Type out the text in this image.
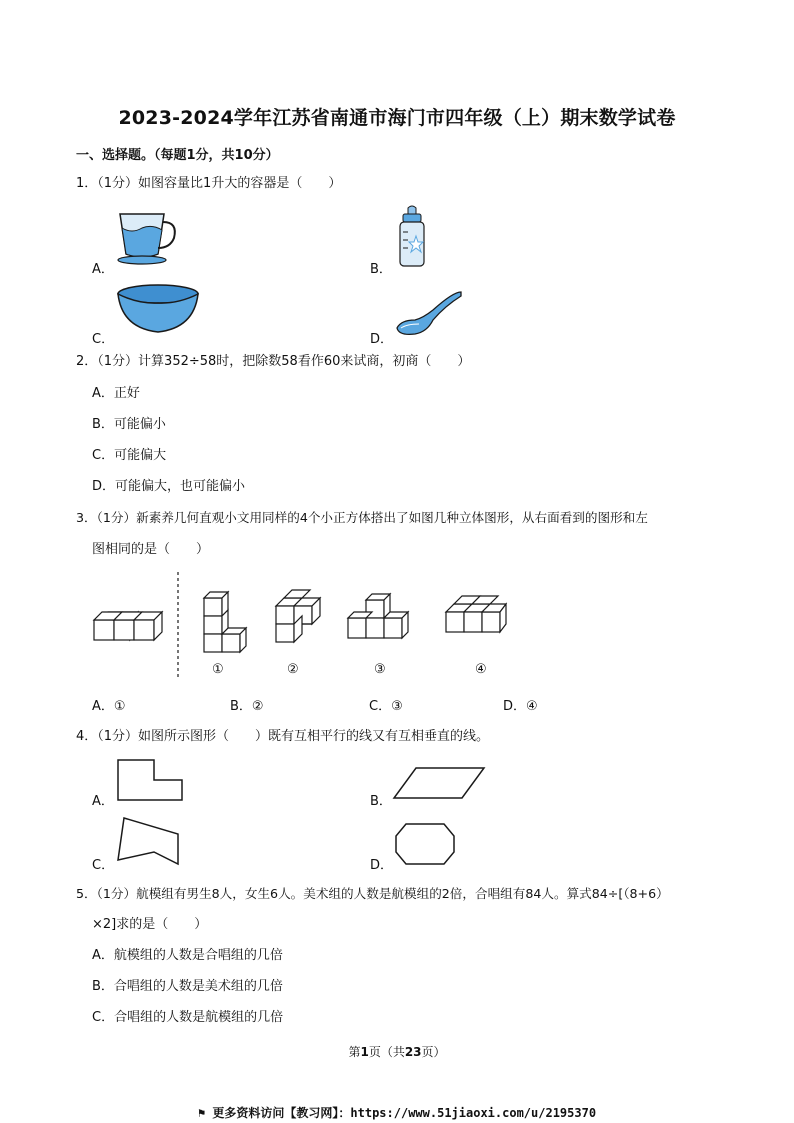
2023-2024学年江苏省南通市海门市四年级（上）期末数学试卷
一、选择题。（每题1分，共10分）
1．（1分）如图容量比1升大的容器是（　　）
A．	B．
C．	D．
2．（1分）计算352÷58时，把除数58看作60来试商，初商（　　）
A．正好
B．可能偏小
C．可能偏大
D．可能偏大，也可能偏小
3．（1分）新素养几何直观小文用同样的4个小正方体搭出了如图几种立体图形，从右面看到的图形和左
图相同的是（　　）
①	②	③	④
A．①	B．②	C．③	D．④
4．（1分）如图所示图形（　　）既有互相平行的线又有互相垂直的线。
A．	B．
C．	D．
5．（1分）航模组有男生8人，女生6人。美术组的人数是航模组的2倍，合唱组有84人。算式84÷[（8+6）
×2]求的是（　　）
A．航模组的人数是合唱组的几倍
B．合唱组的人数是美术组的几倍
C．合唱组的人数是航模组的几倍
第1页（共23页）
⚑ 更多资料访问【教习网】：https://www.51jiaoxi.com/u/2195370
